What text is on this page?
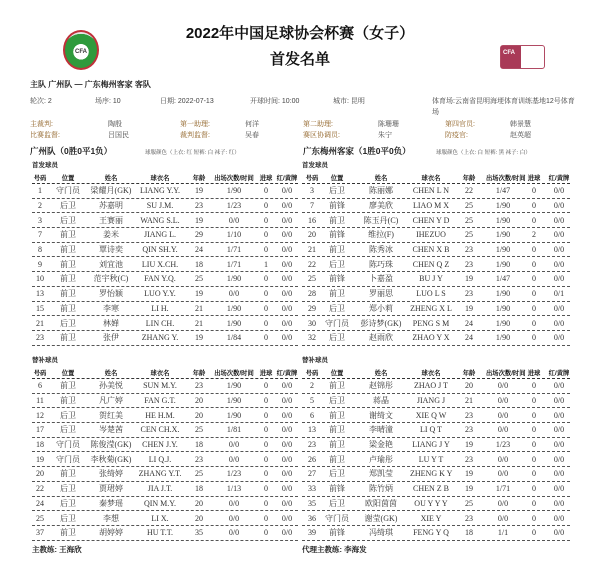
CFA
2022年中国足球协会杯赛（女子）
首发名单	CFA
主队 广州队 — 广东梅州客家 客队
轮次: 2	场序: 10	日期: 2022-07-13	开球时间: 10:00	城市: 昆明	体育场:云南省昆明海埂体育训练基地12号体育场
主裁判:	陶殷	第一助理:	何洋	第二助理:	陈珊珊	第四官员:	韩景慧
比赛监督:	吕国民	裁判监督:	吴春	赛区协调员:	朱宁	防疫官:	赵英超
广州队（0胜0平1负）	球服颜色（上衣: 红 短裤: 白 袜子: 红）	广东梅州客家（1胜0平0负）	球服颜色（上衣: 白 短裤: 黑 袜子: 白）
首发球员	首发球员
替补球员	替补球员
号码	位置	姓名	球衣名	年龄	出场次数/时间 进球 红/黄牌
1	守门员	梁耀月(GK)	LIANG Y.Y.	19	1/90	0	0/0
2	后卫	苏嘉明	SU J.M.	23	1/23	0	0/0
3	后卫	王赛丽	WANG S.L.	19	0/0	0	0/0
7	前卫	姜米	JIANG L.	29	1/10	0	0/0
8	前卫	覃诗奕	QIN SH.Y.	24	1/71	0	0/0
9	前卫	刘宜池	LIU X.CH.	18	1/71	1	0/0
10	前卫	范宇秋(C)	FAN Y.Q.	25	1/90	0	0/0
13	前卫	罗怡颖	LUO Y.Y.	19	0/0	0	0/0
15	前卫	李寒	LI H.	21	1/90	0	0/0
21	后卫	林婵	LIN CH.	21	1/90	0	0/0
23	前卫	张伊	ZHANG Y.	19	1/84	0	0/0
号码	位置	姓名	球衣名	年龄	出场次数/时间 进球	红/黄牌
3	后卫	陈丽娜	CHEN L N	22	1/47	0	0/0
7	前锋	廖美欣	LIAO M X	25	1/90	0	0/0
16	前卫	陈玉丹(C)	CHEN Y D	25	1/90	0	0/0
20	前锋	维拉(F)	IHEZUO	25	1/90	2	0/0
21	前卫	陈秀冰	CHEN X B	23	1/90	0	0/0
22	后卫	陈巧珠	CHEN Q Z	23	1/90	0	0/0
25	前锋	卜嘉盈	BU J Y	19	1/47	0	0/0
28	前卫	罗丽思	LUO L S	23	1/90	0	0/1
29	后卫	郑小莉	ZHENG X L	19	1/90	0	0/0
30	守门员	彭诗梦(GK)	PENG S M	24	1/90	0	0/0
32	后卫	赵雨欣	ZHAO Y X	24	1/90	0	0/0
号码	位置	姓名	球衣名	年龄	出场次数/时间 进球 红/黄牌
6	前卫	孙美悦	SUN M.Y.	23	1/90	0	0/0
11	前卫	凡广婷	FAN G.T.	20	1/90	0	0/0
12	后卫	贺红美	HE H.M.	20	1/90	0	0/0
17	后卫	岑楚茜	CEN CH.X.	25	1/81	0	0/0
18	守门员	陈俊滢(GK)	CHEN J.Y.	18	0/0	0	0/0
19	守门员	李秋菊(GK)	LI Q.J.	23	0/0	0	0/0
20	前卫	张绮婷	ZHANG Y.T.	25	1/23	0	0/0
22	后卫	贾珺婷	JIA J.T.	18	1/13	0	0/0
24	后卫	秦梦瑶	QIN M.Y.	20	0/0	0	0/0
25	后卫	李想	LI X.	20	0/0	0	0/0
37	前卫	胡婷婷	HU T.T.	35	0/0	0	0/0
号码	位置	姓名	球衣名	年龄	出场次数/时间 进球	红/黄牌
2	前卫	赵锦彤	ZHAO J T	20	0/0	0	0/0
5	后卫	蒋晶	JIANG J	21	0/0	0	0/0
6	前卫	谢绮文	XIE Q W	23	0/0	0	0/0
13	前卫	李晴潼	LI Q T	23	0/0	0	0/0
23	前卫	梁金艳	LIANG J Y	19	1/23	0	0/0
26	前卫	卢瑜彤	LU Y T	23	0/0	0	0/0
27	后卫	郑凯莹	ZHENG K Y	19	0/0	0	0/0
33	前锋	陈竹炳	CHEN Z B	19	1/71	0	0/0
35	后卫	欧阳茵茵	OU Y Y Y	25	0/0	0	0/0
36	守门员	谢莹(GK)	XIE Y	23	0/0	0	0/0
39	前锋	冯绮琪	FENG Y Q	18	1/1	0	0/0
主教练: 王海欣	代理主教练: 李海发
